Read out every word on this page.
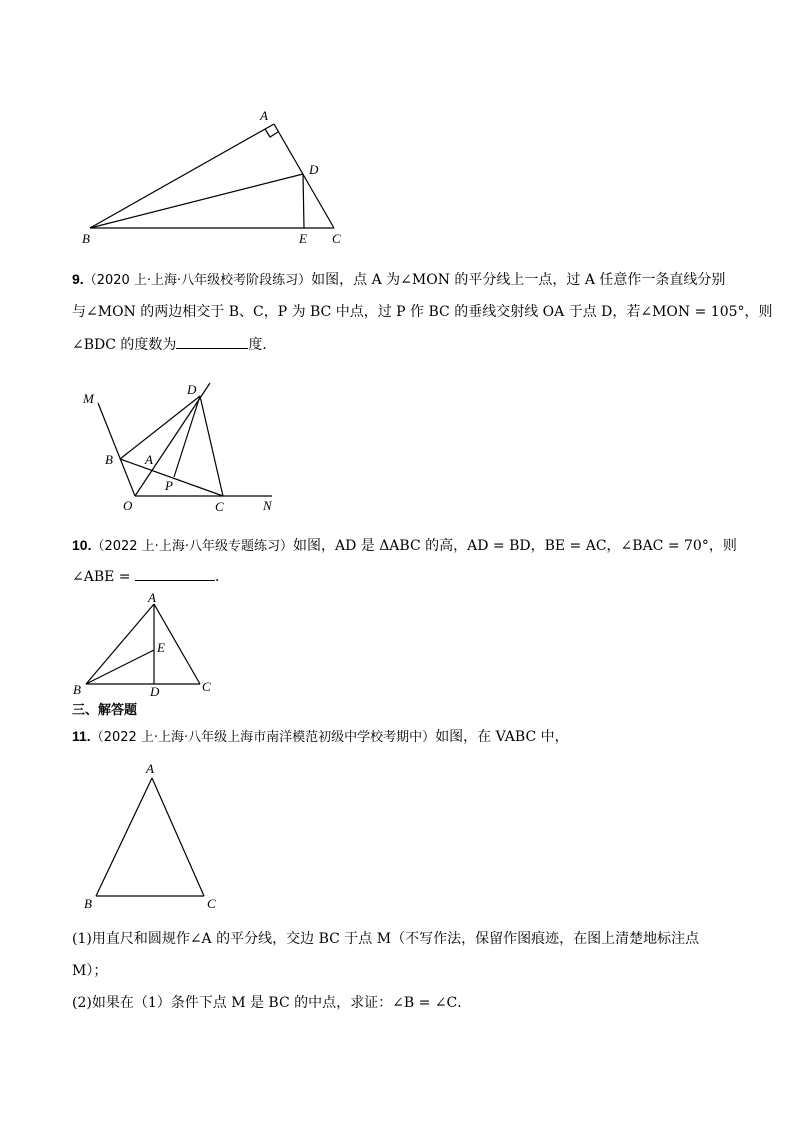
A
B	C
D
E
9.（2020 上·上海·八年级校考阶段练习）如图，点 A 为∠MON 的平分线上一点，过 A 任意作一条直线分别
与∠MON 的两边相交于 B、C，P 为 BC 中点，过 P 作 BC 的垂线交射线 OA 于点 D，若∠MON = 105°，则
∠BDC 的度数为	度．
M
D
B A
P
O	C	N
10.（2022 上·上海·八年级专题练习）如图，AD 是 ΔABC 的高，AD = BD，BE = AC，∠BAC = 70°，则
∠ABE =	．
A
B	C
D
E
三、解答题
11.（2022 上·上海·八年级上海市南洋模范初级中学校考期中）如图，在 VABC 中，
A
B	C
(1)用直尺和圆规作∠A 的平分线，交边 BC 于点 M（不写作法，保留作图痕迹，在图上清楚地标注点
M）；
(2)如果在（1）条件下点 M 是 BC 的中点，求证：∠B = ∠C．
